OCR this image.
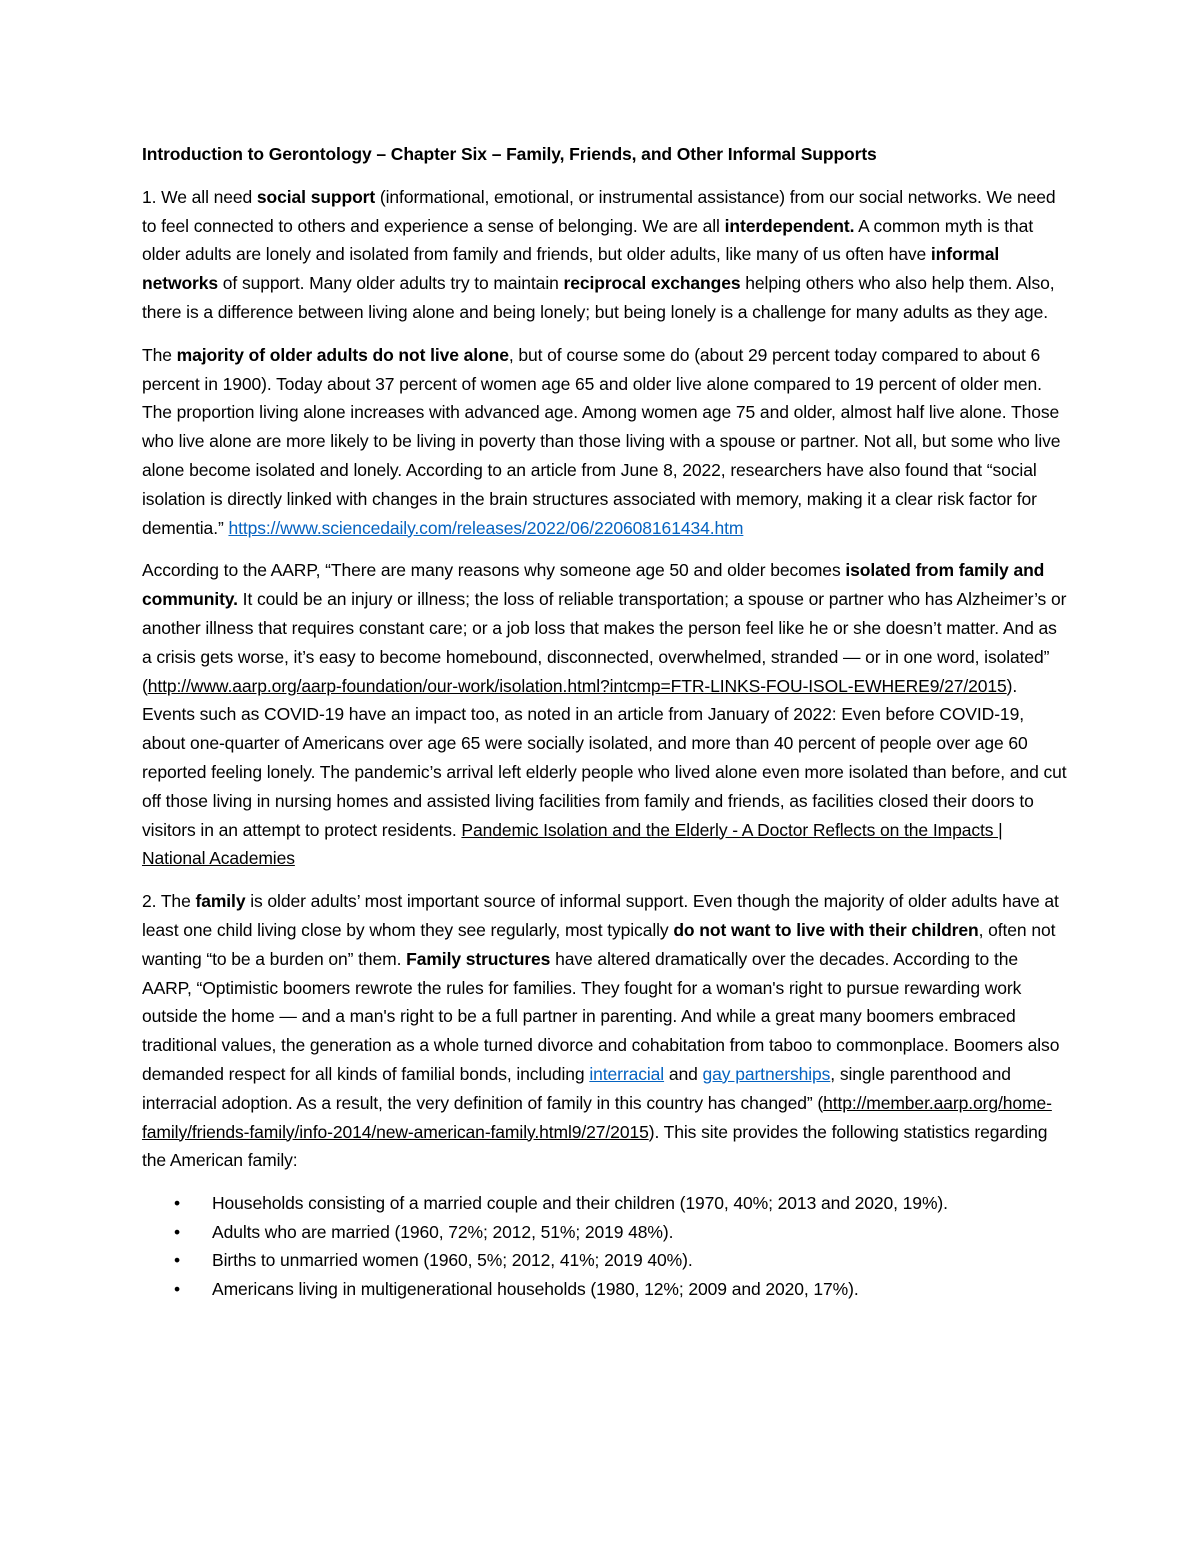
Introduction to Gerontology – Chapter Six – Family, Friends, and Other Informal Supports

1. We all need social support (informational, emotional, or instrumental assistance) from our social networks. We need to feel connected to others and experience a sense of belonging. We are all interdependent. A common myth is that older adults are lonely and isolated from family and friends, but older adults, like many of us often have informal networks of support. Many older adults try to maintain reciprocal exchanges helping others who also help them. Also, there is a difference between living alone and being lonely; but being lonely is a challenge for many adults as they age.

The majority of older adults do not live alone, but of course some do (about 29 percent today compared to about 6 percent in 1900). Today about 37 percent of women age 65 and older live alone compared to 19 percent of older men. The proportion living alone increases with advanced age. Among women age 75 and older, almost half live alone. Those who live alone are more likely to be living in poverty than those living with a spouse or partner. Not all, but some who live alone become isolated and lonely. According to an article from June 8, 2022, researchers have also found that “social isolation is directly linked with changes in the brain structures associated with memory, making it a clear risk factor for dementia.” https://www.sciencedaily.com/releases/2022/06/220608161434.htm

According to the AARP, “There are many reasons why someone age 50 and older becomes isolated from family and community. It could be an injury or illness; the loss of reliable transportation; a spouse or partner who has Alzheimer’s or another illness that requires constant care; or a job loss that makes the person feel like he or she doesn’t matter. And as a crisis gets worse, it’s easy to become homebound, disconnected, overwhelmed, stranded — or in one word, isolated” (http://www.aarp.org/aarp-foundation/our-work/isolation.html?intcmp=FTR-LINKS-FOU-ISOL-EWHERE9/27/2015). Events such as COVID-19 have an impact too, as noted in an article from January of 2022: Even before COVID-19, about one-quarter of Americans over age 65 were socially isolated, and more than 40 percent of people over age 60 reported feeling lonely. The pandemic’s arrival left elderly people who lived alone even more isolated than before, and cut off those living in nursing homes and assisted living facilities from family and friends, as facilities closed their doors to visitors in an attempt to protect residents. Pandemic Isolation and the Elderly - A Doctor Reflects on the Impacts | National Academies

2. The family is older adults’ most important source of informal support. Even though the majority of older adults have at least one child living close by whom they see regularly, most typically do not want to live with their children, often not wanting “to be a burden on” them. Family structures have altered dramatically over the decades. According to the AARP, “Optimistic boomers rewrote the rules for families. They fought for a woman's right to pursue rewarding work outside the home — and a man's right to be a full partner in parenting. And while a great many boomers embraced traditional values, the generation as a whole turned divorce and cohabitation from taboo to commonplace. Boomers also demanded respect for all kinds of familial bonds, including interracial and gay partnerships, single parenthood and interracial adoption. As a result, the very definition of family in this country has changed” (http://member.aarp.org/home-family/friends-family/info-2014/new-american-family.html9/27/2015). This site provides the following statistics regarding the American family:

• Households consisting of a married couple and their children (1970, 40%; 2013 and 2020, 19%).
• Adults who are married (1960, 72%; 2012, 51%; 2019 48%).
• Births to unmarried women (1960, 5%; 2012, 41%; 2019 40%).
• Americans living in multigenerational households (1980, 12%; 2009 and 2020, 17%).
